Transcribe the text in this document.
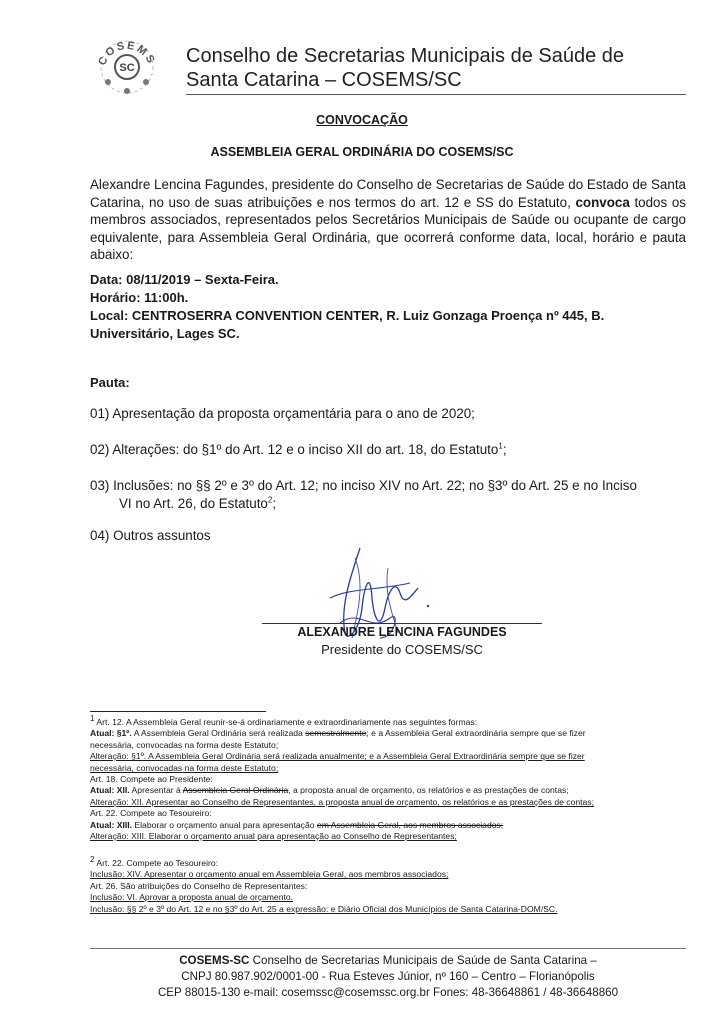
SC
COSEMS Conselho de Secretarias Municipais de Saúde de
Santa Catarina – COSEMS/SC
CONVOCAÇÃO
ASSEMBLEIA GERAL ORDINÁRIA DO COSEMS/SC
Alexandre Lencina Fagundes, presidente do Conselho de Secretarias de Saúde do Estado de Santa Catarina, no uso de suas atribuições e nos termos do art. 12 e SS do Estatuto, convoca todos os membros associados, representados pelos Secretários Municipais de Saúde ou ocupante de cargo equivalente, para Assembleia Geral Ordinária, que ocorrerá conforme data, local, horário e pauta abaixo:
Data: 08/11/2019 – Sexta-Feira.
Horário: 11:00h.
Local: CENTROSERRA CONVENTION CENTER, R. Luiz Gonzaga Proença nº 445, B.
Universitário, Lages SC.
Pauta:
01) Apresentação da proposta orçamentária para o ano de 2020;
02) Alterações: do §1º do Art. 12 e o inciso XII do art. 18, do Estatuto$^1$;
03) Inclusões: no §§ 2º e 3º do Art. 12; no inciso XIV no Art. 22; no §3º do Art. 25 e no Inciso
VI no Art. 26, do Estatuto$^2$;
04) Outros assuntos
ALEXANDRE LENCINA FAGUNDES
Presidente do COSEMS/SC
$^1$ Art. 12. A Assembleia Geral reunir-se-á ordinariamente e extraordinariamente nas seguintes formas:
Atual: §1º. A Assembleia Geral Ordinária será realizada semestralmente; e a Assembleia Geral extraordinária sempre que se fizer
necessária, convocadas na forma deste Estatuto;
Alteração: §1º. A Assembleia Geral Ordinária será realizada anualmente; e a Assembleia Geral Extraordinária sempre que se fizer
necessária, convocadas na forma deste Estatuto;
Art. 18. Compete ao Presidente:
Atual: XII. Apresentar à Assembleia Geral Ordinária, a proposta anual de orçamento, os relatórios e as prestações de contas;
Alteração: XII. Apresentar ao Conselho de Representantes, a proposta anual de orçamento, os relatórios e as prestações de contas;
Art. 22. Compete ao Tesoureiro:
Atual: XIII. Elaborar o orçamento anual para apresentação em Assembleia Geral, aos membros associados;
Alteração: XIII. Elaborar o orçamento anual para apresentação ao Conselho de Representantes;
$^2$ Art. 22. Compete ao Tesoureiro:
Inclusão: XIV. Apresentar o orçamento anual em Assembleia Geral, aos membros associados;
Art. 26. São atribuições do Conselho de Representantes:
Inclusão: VI. Aprovar a proposta anual de orçamento.
Inclusão: §§ 2º e 3º do Art. 12 e no §3º do Art. 25 a expressão: e Diário Oficial dos Municípios de Santa Catarina-DOM/SC.
COSEMS-SC Conselho de Secretarias Municipais de Saúde de Santa Catarina –
CNPJ 80.987.902/0001-00 - Rua Esteves Júnior, nº 160 – Centro – Florianópolis
CEP 88015-130 e-mail: cosemssc@cosemssc.org.br Fones: 48-36648861 / 48-36648860
